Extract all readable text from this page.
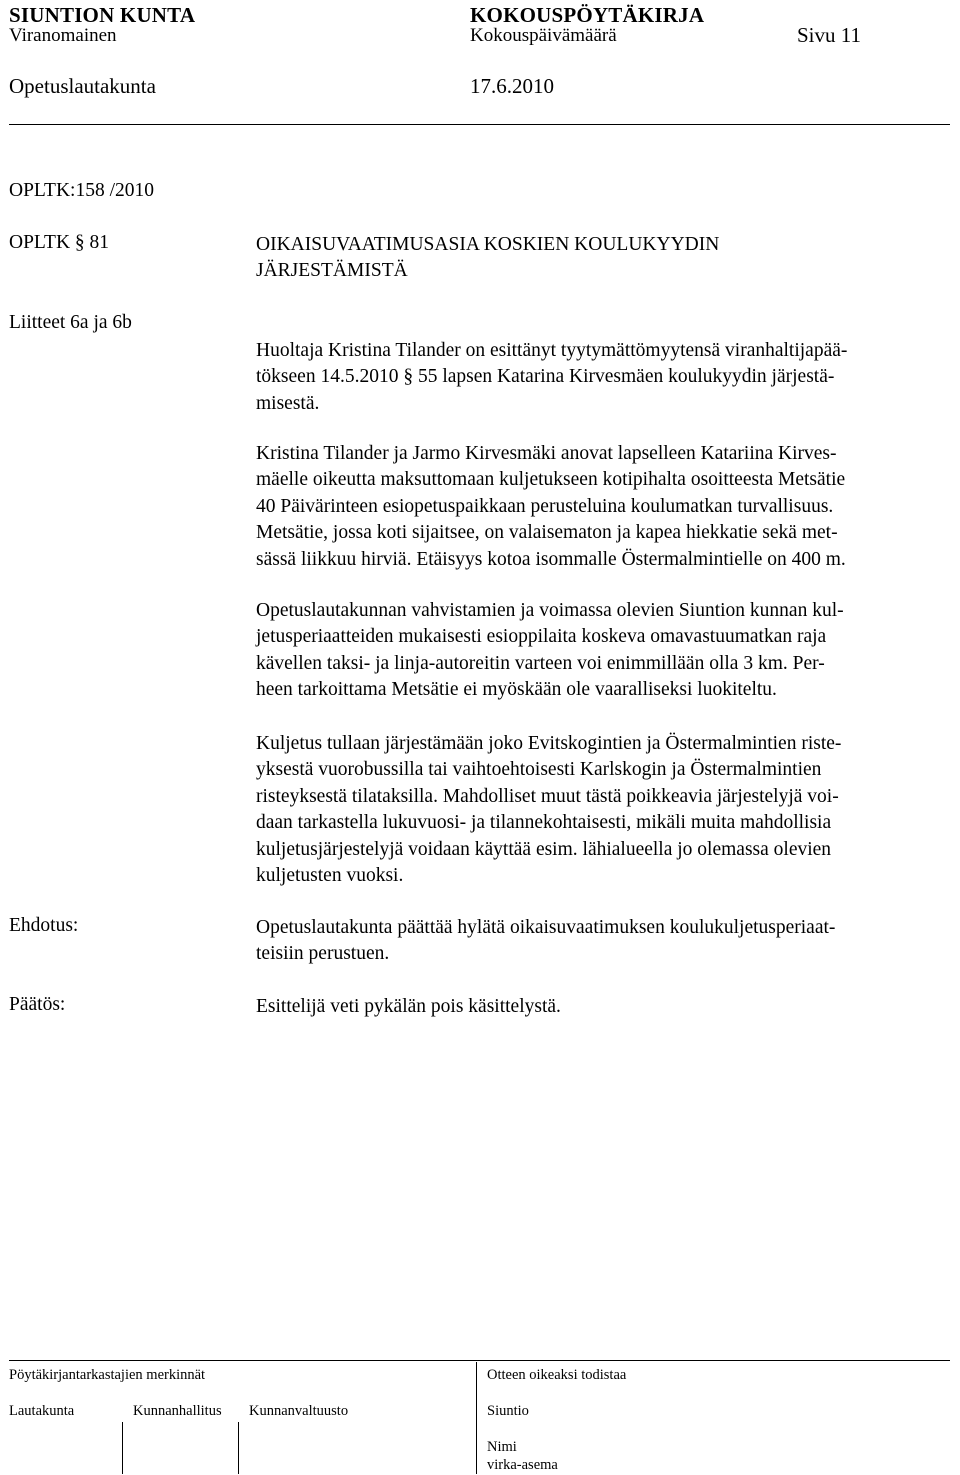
SIUNTION KUNTA	KOKOUSPÖYTÄKIRJA
Viranomainen	Kokouspäivämäärä	Sivu 11
Opetuslautakunta	17.6.2010
OPLTK:158 /2010
OPLTK § 81	OIKAISUVAATIMUSASIA KOSKIEN KOULUKYYDIN
JÄRJESTÄMISTÄ
Liitteet 6a ja 6b
Huoltaja Kristina Tilander on esittänyt tyytymättömyytensä viranhaltijapää-
tökseen 14.5.2010 § 55 lapsen Katarina Kirvesmäen koulukyydin järjestä-
misestä.
Kristina Tilander ja Jarmo Kirvesmäki anovat lapselleen Katariina Kirves-
mäelle oikeutta maksuttomaan kuljetukseen kotipihalta osoitteesta Metsätie
40 Päivärinteen esiopetuspaikkaan perusteluina koulumatkan turvallisuus.
Metsätie, jossa koti sijaitsee, on valaisematon ja kapea hiekkatie sekä met-
sässä liikkuu hirviä. Etäisyys kotoa isommalle Östermalmintielle on 400 m.
Opetuslautakunnan vahvistamien ja voimassa olevien Siuntion kunnan kul-
jetusperiaatteiden mukaisesti esioppilaita koskeva omavastuumatkan raja
kävellen taksi- ja linja-autoreitin varteen voi enimmillään olla 3 km. Per-
heen tarkoittama Metsätie ei myöskään ole vaaralliseksi luokiteltu.
Kuljetus tullaan järjestämään joko Evitskogintien ja Östermalmintien riste-
yksestä vuorobussilla tai vaihtoehtoisesti Karlskogin ja Östermalmintien
risteyksestä tilataksilla. Mahdolliset muut tästä poikkeavia järjestelyjä voi-
daan tarkastella lukuvuosi- ja tilannekohtaisesti, mikäli muita mahdollisia
kuljetusjärjestelyjä voidaan käyttää esim. lähialueella jo olemassa olevien
kuljetusten vuoksi.
Ehdotus:	Opetuslautakunta päättää hylätä oikaisuvaatimuksen koulukuljetusperiaat-
teisiin perustuen.
Päätös:	Esittelijä veti pykälän pois käsittelystä.
Pöytäkirjantarkastajien merkinnät	Otteen oikeaksi todistaa
Lautakunta	Kunnanhallitus Kunnanvaltuusto	Siuntio
Nimi
virka-asema
